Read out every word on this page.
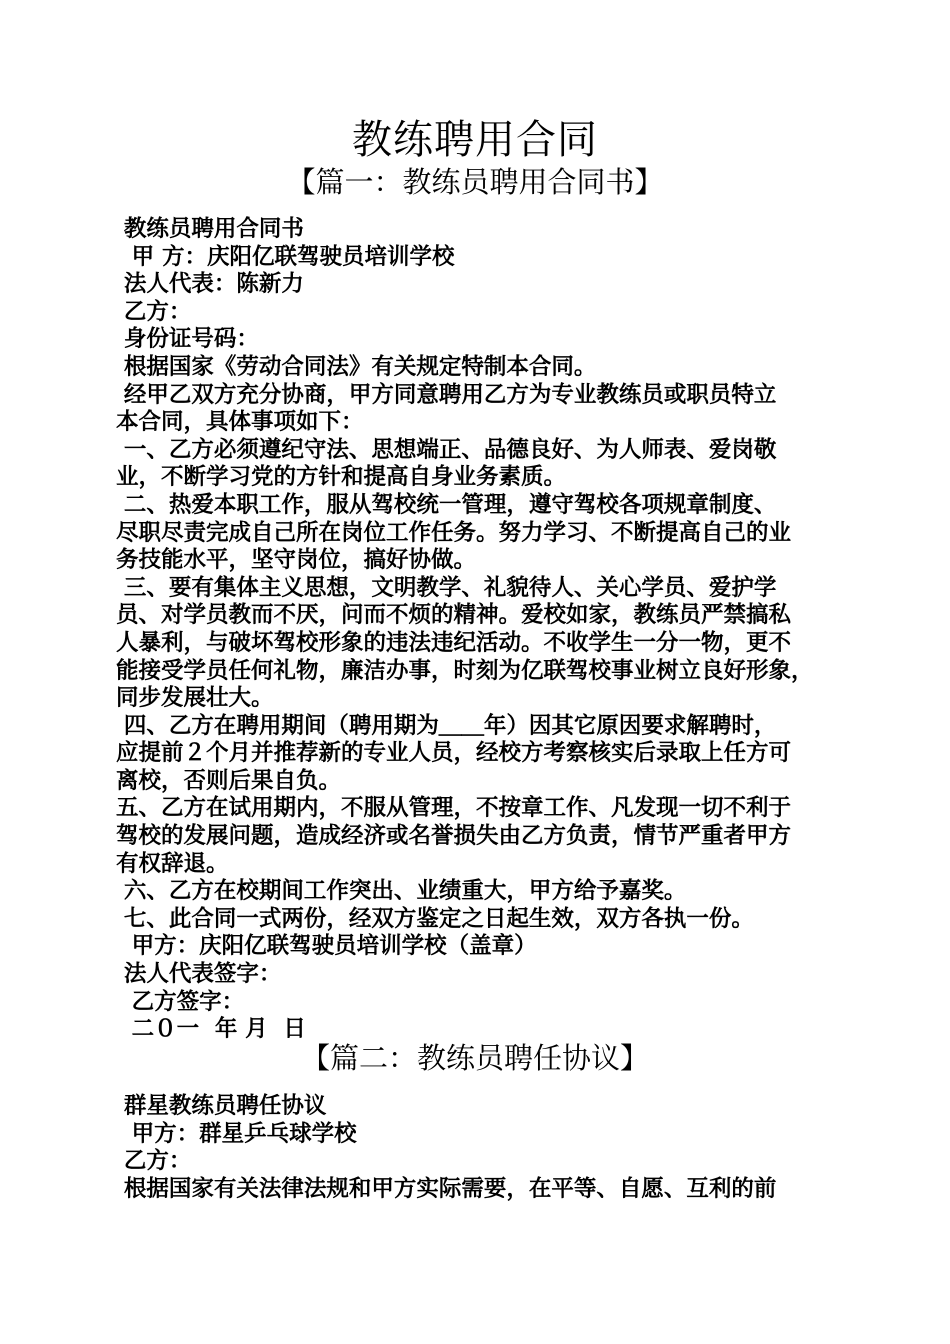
教练聘用合同
【篇一：教练员聘用合同书】

教练员聘用合同书

甲 方：庆阳亿联驾驶员培训学校

法人代表：陈新力

乙方：

身份证号码：

根据国家《劳动合同法》有关规定特制本合同。

经甲乙双方充分协商，甲方同意聘用乙方为专业教练员或职员特立

本合同，具体事项如下：

一、乙方必须遵纪守法、思想端正、品德良好、为人师表、爱岗敬

业，不断学习党的方针和提高自身业务素质。

二、热爱本职工作，服从驾校统一管理，遵守驾校各项规章制度、

尽职尽责完成自己所在岗位工作任务。努力学习、不断提高自己的业

务技能水平，坚守岗位，搞好协做。

三、要有集体主义思想，文明教学、礼貌待人、关心学员、爱护学

员、对学员教而不厌，问而不烦的精神。爱校如家，教练员严禁搞私

人暴利，与破坏驾校形象的违法违纪活动。不收学生一分一物，更不

能接受学员任何礼物，廉洁办事，时刻为亿联驾校事业树立良好形象，

同步发展壮大。

四、乙方在聘用期间（聘用期为＿＿年）因其它原因要求解聘时，

应提前２个月并推荐新的专业人员，经校方考察核实后录取上任方可

离校，否则后果自负。

五、乙方在试用期内，不服从管理，不按章工作、凡发现一切不利于

驾校的发展问题，造成经济或名誉损失由乙方负责，情节严重者甲方

有权辞退。

六、乙方在校期间工作突出、业绩重大，甲方给予嘉奖。

七、此合同一式两份，经双方鉴定之日起生效，双方各执一份。

甲方：庆阳亿联驾驶员培训学校（盖章）

法人代表签字：

乙方签字：

二０一  年 月  日

【篇二：教练员聘任协议】

群星教练员聘任协议

甲方：群星乒乓球学校

乙方：

根据国家有关法律法规和甲方实际需要，在平等、自愿、互利的前
